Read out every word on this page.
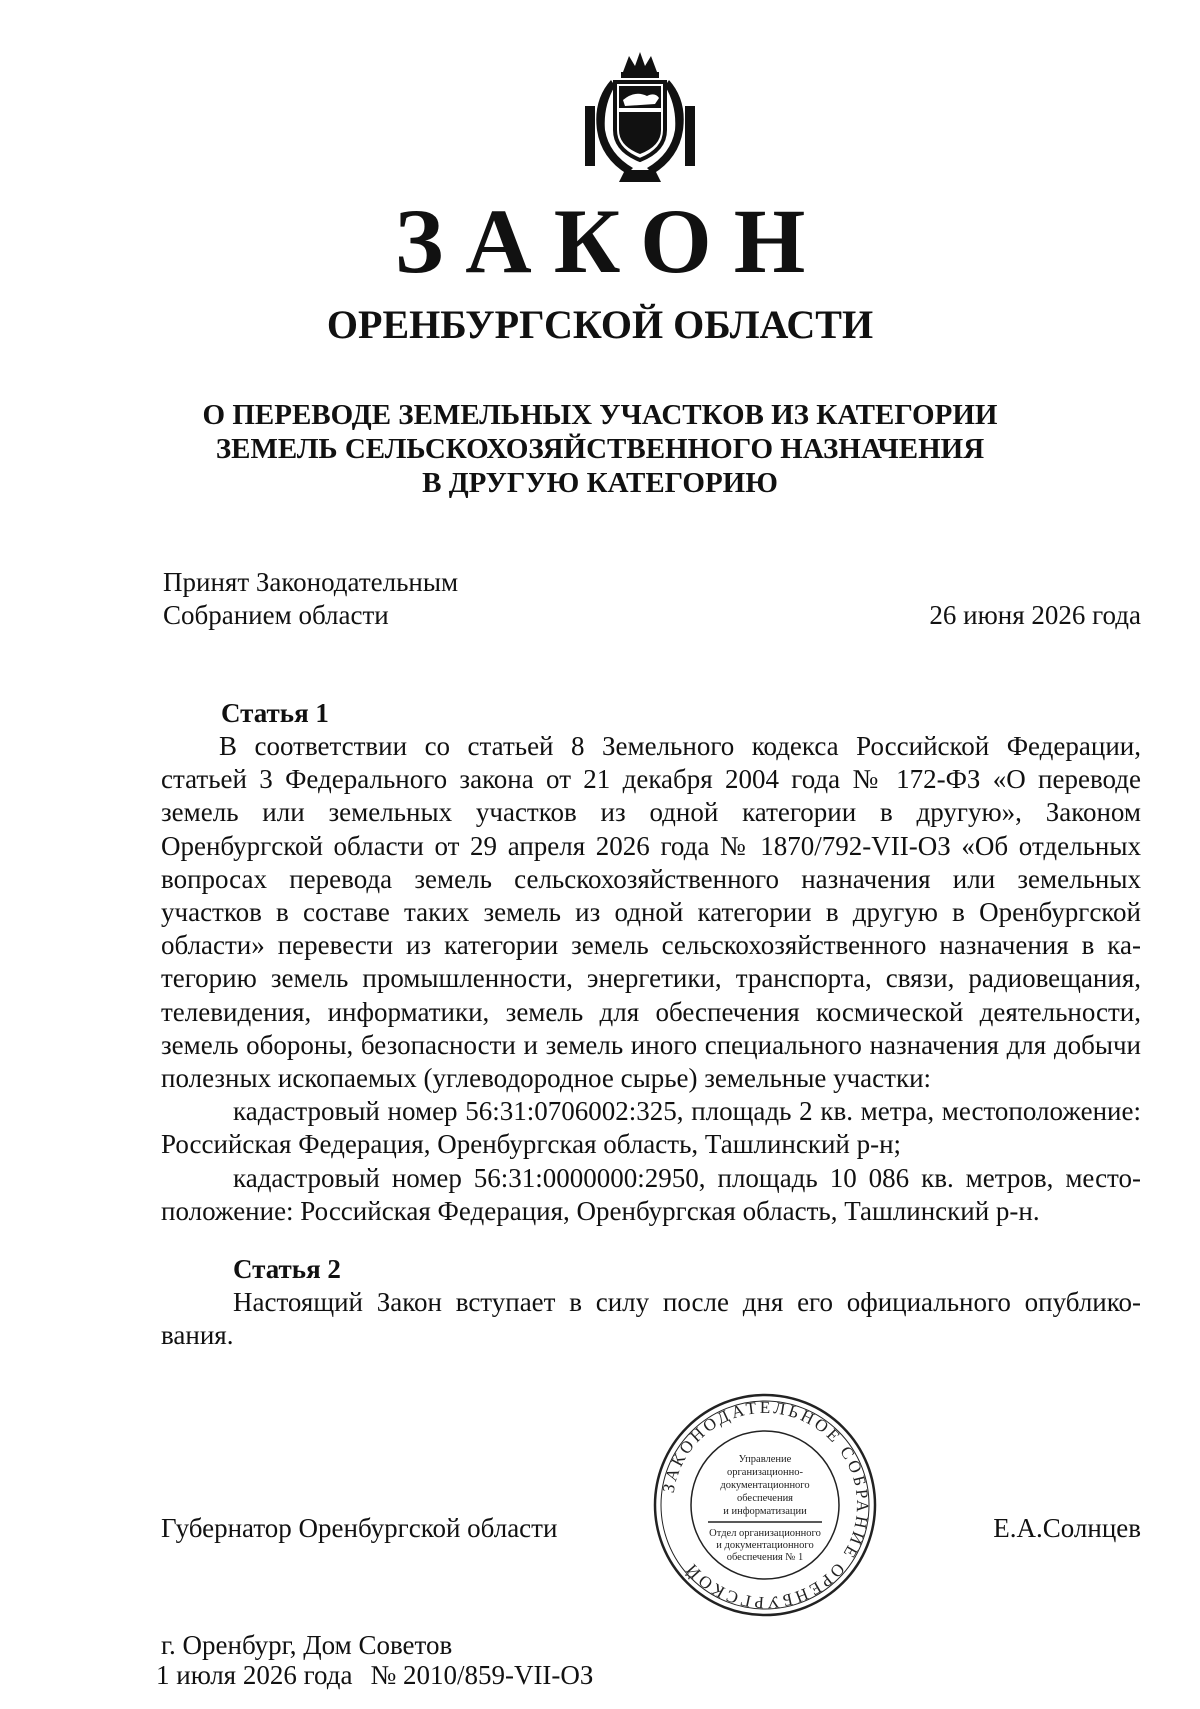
ЗАКОН
ОРЕНБУРГСКОЙ ОБЛАСТИ
О ПЕРЕВОДЕ ЗЕМЕЛЬНЫХ УЧАСТКОВ ИЗ КАТЕГОРИИ
ЗЕМЕЛЬ СЕЛЬСКОХОЗЯЙСТВЕННОГО НАЗНАЧЕНИЯ
В ДРУГУЮ КАТЕГОРИЮ
Принят Законодательным
Собранием области	26 июня 2026 года
Статья 1

В соответствии со статьей 8 Земельного кодекса Российской Федерации, статьей 3 Федерального закона от 21 декабря 2004 года № 172-ФЗ «О переводе земель или земельных участков из одной категории в другую», Законом Оренбургской области от 29 апреля 2026 года № 1870/792-VII-ОЗ «Об отдельных вопросах перевода земель сельскохозяйственного назначения или земельных участков в составе таких земель из одной категории в другую в Оренбургской области» перевести из категории земель сельскохозяйственного назначения в категорию земель промышленности, энергетики, транспорта, связи, радиовещания, телевидения, информатики, земель для обеспечения космической деятельности, земель обороны, безопасности и земель иного специального назначения для добычи полезных ископаемых (углеводородное сырье) земельные участки:

кадастровый номер 56:31:0706002:325, площадь 2 кв. метра, местоположение: Российская Федерация, Оренбургская область, Ташлинский р-н;

кадастровый номер 56:31:0000000:2950, площадь 10 086 кв. метров, местоположение: Российская Федерация, Оренбургская область, Ташлинский р-н.

Статья 2

Настоящий Закон вступает в силу после дня его официального опубликования.

ЗАКОНОДАТЕЛЬНОЕ СОБРАНИЕ ОРЕНБУРГСКОЙ
Управление
организационно-
документационного
обеспечения
и информатизации
Отдел организационного
и документационного
обеспечения № 1
Губернатор Оренбургской области	Е.А.Солнцев
г. Оренбург, Дом Советов
1 июля 2026 года № 2010/859-VII-ОЗ
